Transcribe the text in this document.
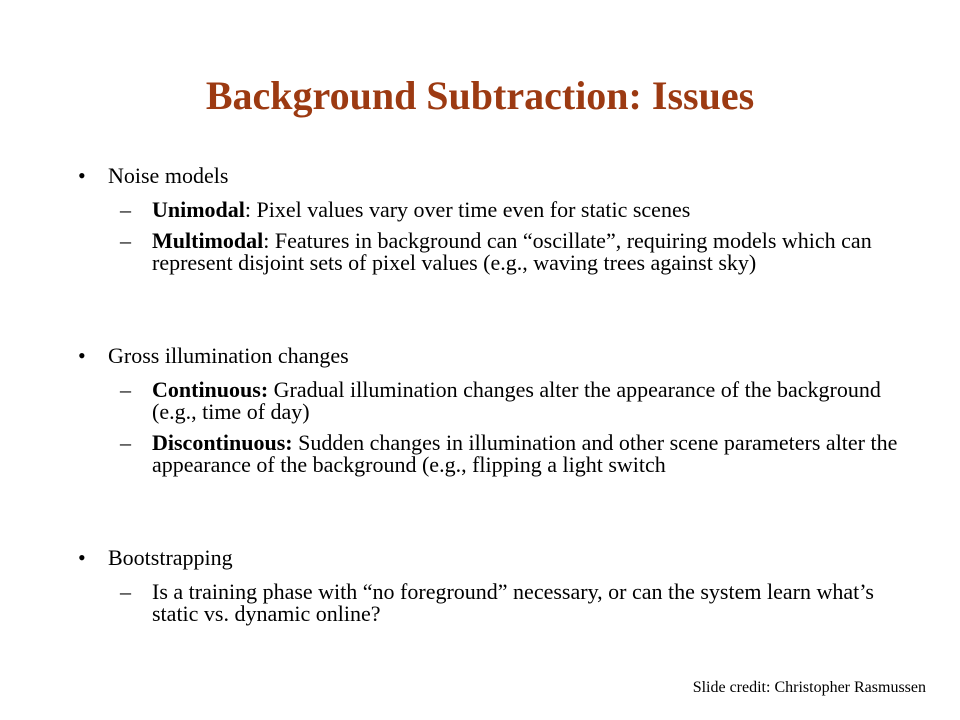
Background Subtraction: Issues
• Noise models
– Unimodal: Pixel values vary over time even for static scenes
– Multimodal: Features in background can “oscillate”, requiring models which can represent disjoint sets of pixel values (e.g., waving trees against sky)
• Gross illumination changes
– Continuous: Gradual illumination changes alter the appearance of the background (e.g., time of day)
– Discontinuous: Sudden changes in illumination and other scene parameters alter the appearance of the background (e.g., flipping a light switch
• Bootstrapping
– Is a training phase with “no foreground” necessary, or can the system learn what’s static vs. dynamic online?
Slide credit: Christopher Rasmussen
